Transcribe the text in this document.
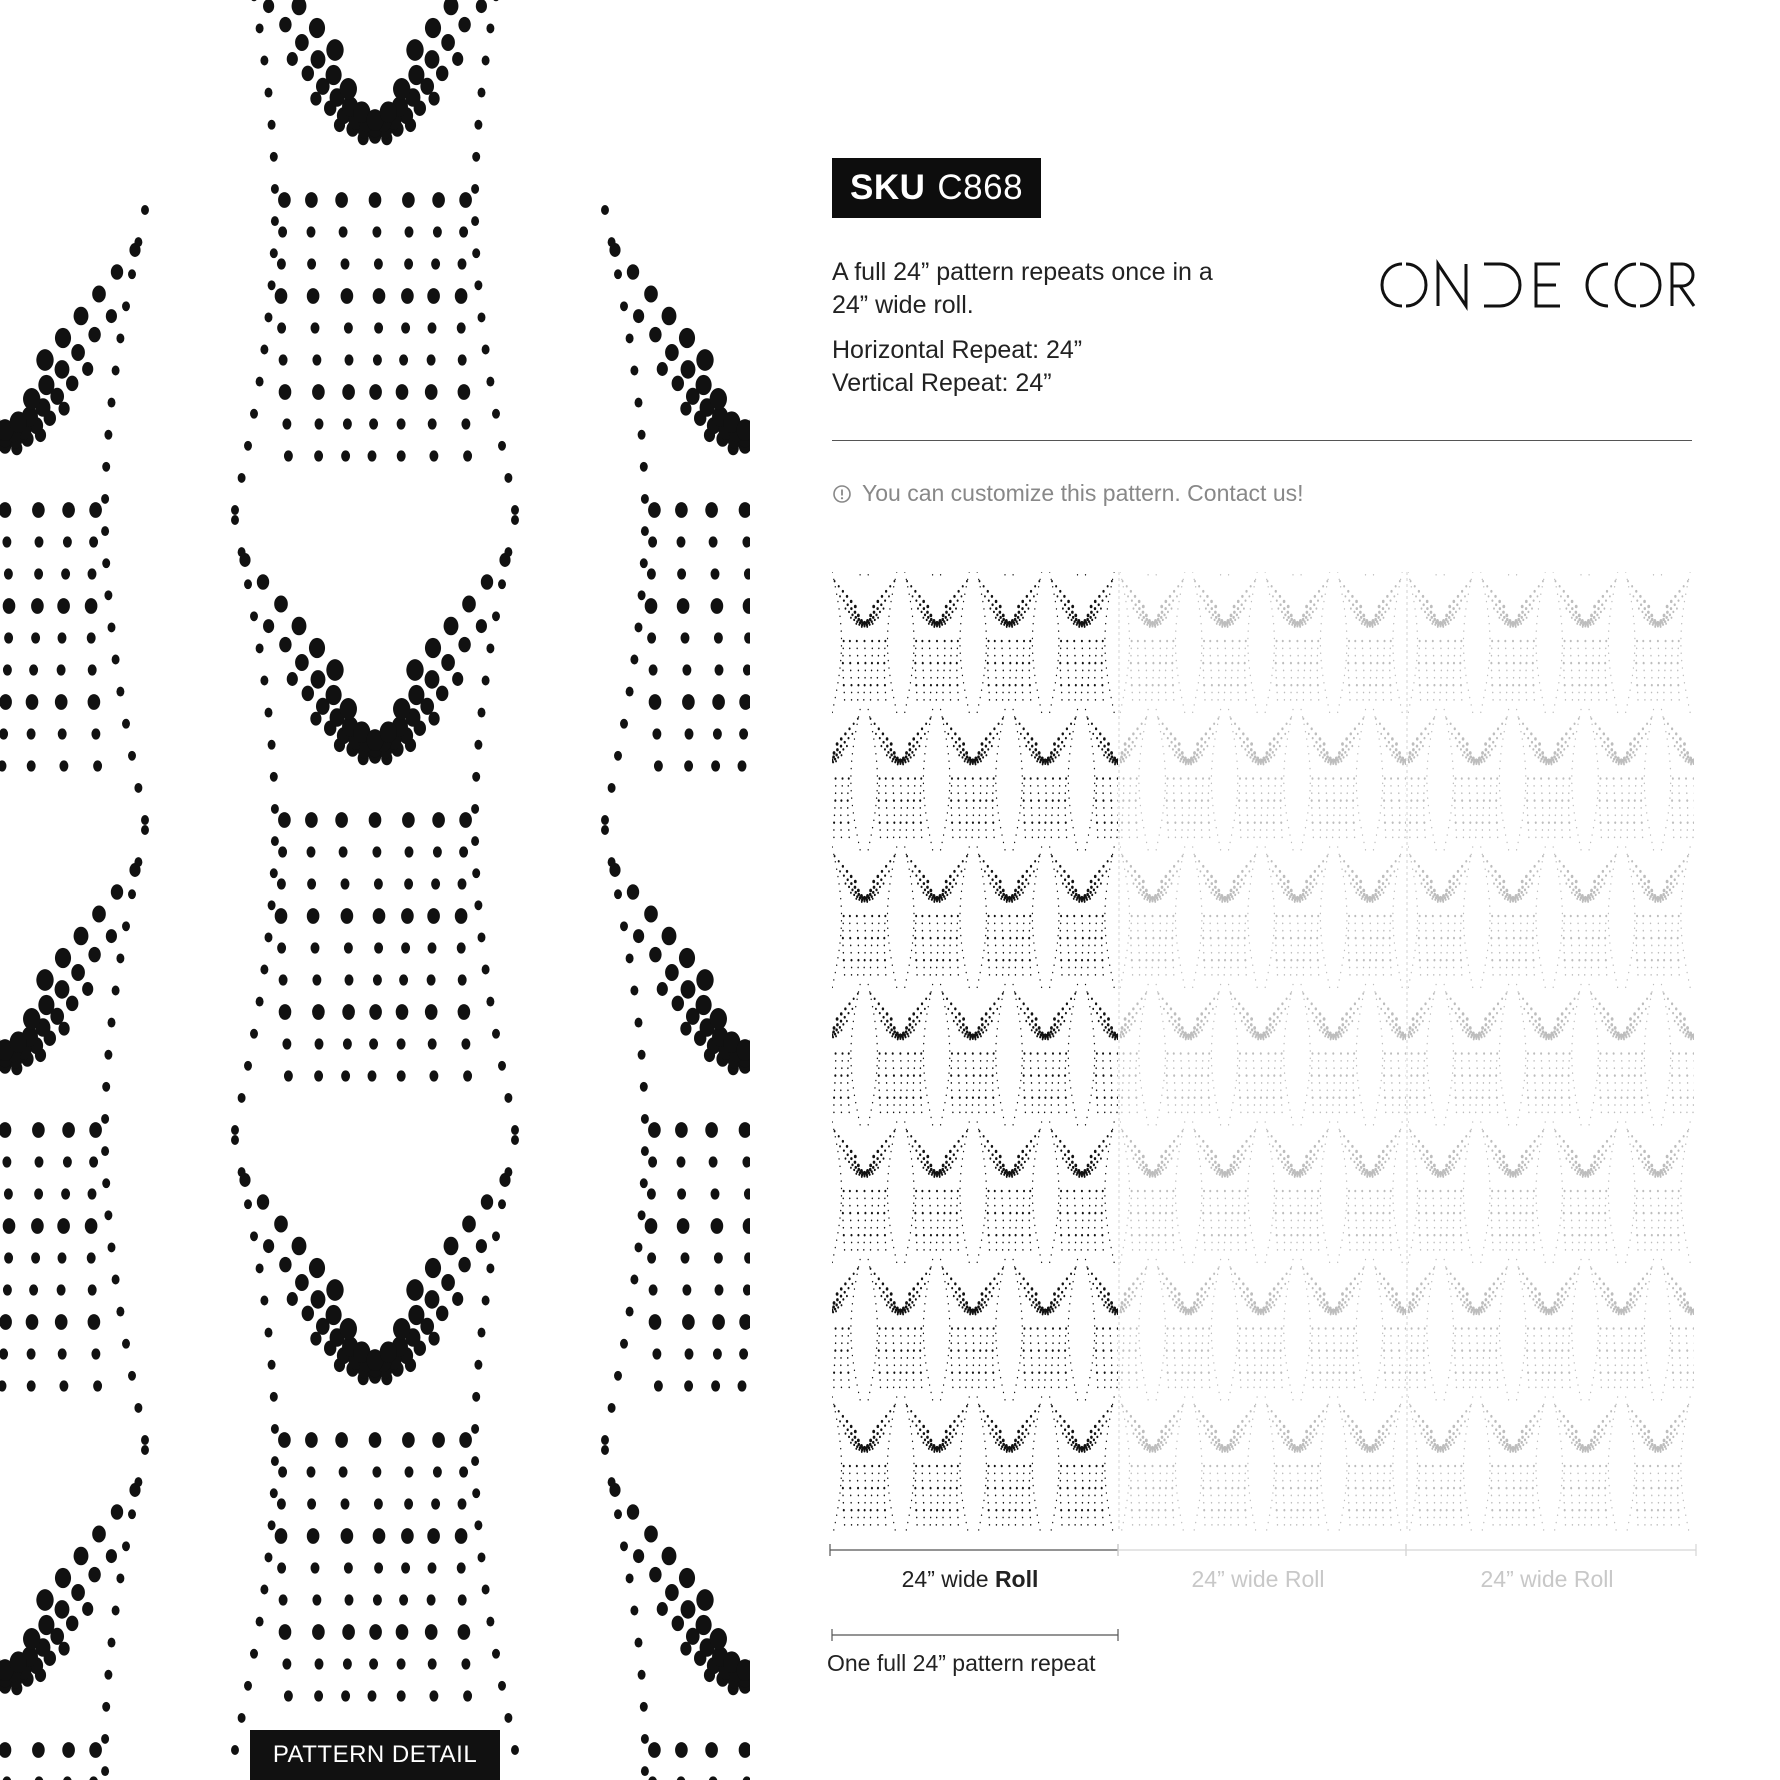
PATTERN DETAIL
SKU C868
A full 24” pattern repeats once in a 24” wide roll.
Horizontal Repeat: 24”
Vertical Repeat: 24”
ONDECOR
You can customize this pattern. Contact us!
24” wide Roll	24” wide Roll	24” wide Roll
One full 24” pattern repeat
